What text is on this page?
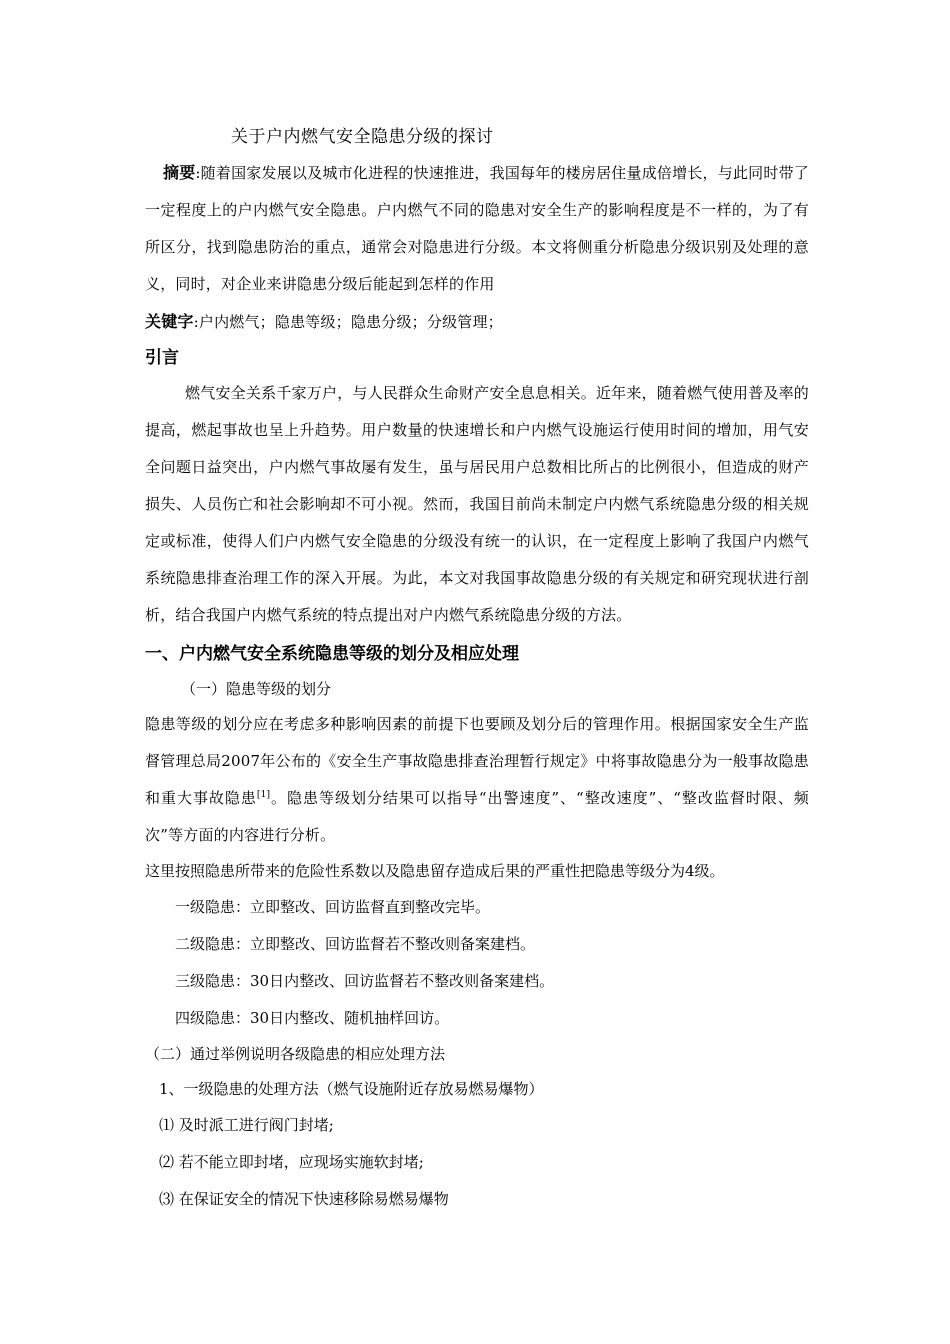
关于户内燃气安全隐患分级的探讨

摘要:随着国家发展以及城市化进程的快速推进，我国每年的楼房居住量成倍增长，与此同时带了一定程度上的户内燃气安全隐患。户内燃气不同的隐患对安全生产的影响程度是不一样的，为了有所区分，找到隐患防治的重点，通常会对隐患进行分级。本文将侧重分析隐患分级识别及处理的意义，同时，对企业来讲隐患分级后能起到怎样的作用

关键字:户内燃气；隐患等级；隐患分级；分级管理；

引言

燃气安全关系千家万户，与人民群众生命财产安全息息相关。近年来，随着燃气使用普及率的提高，燃起事故也呈上升趋势。用户数量的快速增长和户内燃气设施运行使用时间的增加，用气安全问题日益突出，户内燃气事故屡有发生，虽与居民用户总数相比所占的比例很小，但造成的财产损失、人员伤亡和社会影响却不可小视。然而，我国目前尚未制定户内燃气系统隐患分级的相关规定或标准，使得人们户内燃气安全隐患的分级没有统一的认识，在一定程度上影响了我国户内燃气系统隐患排查治理工作的深入开展。为此，本文对我国事故隐患分级的有关规定和研究现状进行剖析，结合我国户内燃气系统的特点提出对户内燃气系统隐患分级的方法。

一、户内燃气安全系统隐患等级的划分及相应处理

（一）隐患等级的划分

隐患等级的划分应在考虑多种影响因素的前提下也要顾及划分后的管理作用。根据国家安全生产监督管理总局2007年公布的《安全生产事故隐患排查治理暂行规定》中将事故隐患分为一般事故隐患和重大事故隐患[1]。隐患等级划分结果可以指导“出警速度”、“整改速度”、“整改监督时限、频次”等方面的内容进行分析。

这里按照隐患所带来的危险性系数以及隐患留存造成后果的严重性把隐患等级分为4级。

一级隐患：立即整改、回访监督直到整改完毕。

二级隐患：立即整改、回访监督若不整改则备案建档。

三级隐患：30日内整改、回访监督若不整改则备案建档。

四级隐患：30日内整改、随机抽样回访。

（二）通过举例说明各级隐患的相应处理方法

1、一级隐患的处理方法（燃气设施附近存放易燃易爆物）

⑴ 及时派工进行阀门封堵;

⑵ 若不能立即封堵，应现场实施软封堵;

⑶ 在保证安全的情况下快速移除易燃易爆物
